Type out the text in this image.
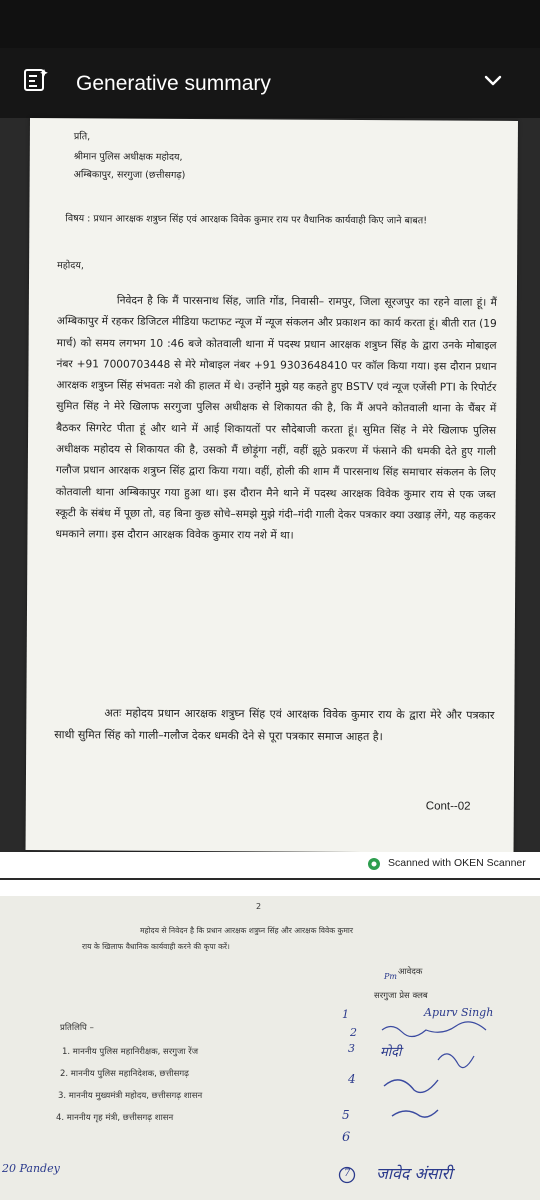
Generative summary
प्रति,
श्रीमान पुलिस अधीक्षक महोदय,
अम्बिकापुर, सरगुजा (छत्तीसगढ़)
विषय : प्रधान आरक्षक शत्रुघ्न सिंह एवं आरक्षक विवेक कुमार राय पर वैधानिक कार्यवाही किए जाने बाबत!
महोदय,
निवेदन है कि मैं पारसनाथ सिंह, जाति गोंड, निवासी– रामपुर, जिला सूरजपुर का रहने वाला हूं। मैं अम्बिकापुर में रहकर डिजिटल मीडिया फटाफट न्यूज में न्यूज संकलन और प्रकाशन का कार्य करता हूं। बीती रात (19 मार्च) को समय लगभग 10 :46 बजे कोतवाली थाना में पदस्थ प्रधान आरक्षक शत्रुघ्न सिंह के द्वारा उनके मोबाइल नंबर +91 7000703448 से मेरे मोबाइल नंबर +91 9303648410 पर कॉल किया गया। इस दौरान प्रधान आरक्षक शत्रुघ्न सिंह संभवतः नशे की हालत में थे। उन्होंने मुझे यह कहते हुए BSTV एवं न्यूज एजेंसी PTI के रिपोर्टर सुमित सिंह ने मेरे खिलाफ सरगुजा पुलिस अधीक्षक से शिकायत की है, कि मैं अपने कोतवाली थाना के चैंबर में बैठकर सिगरेट पीता हूं और थाने में आई शिकायतों पर सौदेबाजी करता हूं। सुमित सिंह ने मेरे खिलाफ पुलिस अधीक्षक महोदय से शिकायत की है, उसको मैं छोड़ूंगा नहीं, वहीं झूठे प्रकरण में फंसाने की धमकी देते हुए गाली गलौज प्रधान आरक्षक शत्रुघ्न सिंह द्वारा किया गया। वहीं, होली की शाम मैं पारसनाथ सिंह समाचार संकलन के लिए कोतवाली थाना अम्बिकापुर गया हुआ था। इस दौरान मैने थाने में पदस्थ आरक्षक विवेक कुमार राय से एक जब्त स्कूटी के संबंध में पूछा तो, वह बिना कुछ सोचे–समझे मुझे गंदी–गंदी गाली देकर पत्रकार क्या उखाड़ लेंगे, यह कहकर धमकाने लगा। इस दौरान आरक्षक विवेक कुमार राय नशे में था।
अतः महोदय प्रधान आरक्षक शत्रुघ्न सिंह एवं आरक्षक विवेक कुमार राय के द्वारा मेरे और पत्रकार साथी सुमित सिंह को गाली–गलौज देकर धमकी देने से पूरा पत्रकार समाज आहत है।
Cont--02
Scanned with OKEN Scanner
2
महोदय से निवेदन है कि प्रधान आरक्षक शत्रुघ्न सिंह और आरक्षक विवेक कुमार
राय के खिलाफ वैधानिक कार्यवाही करने की कृपा करें।
Pm आवेदक
सरगुजा प्रेस क्लब
प्रतिलिपि –
1. माननीय पुलिस महानिरीक्षक, सरगुजा रेंज
2. माननीय पुलिस महानिदेशक, छत्तीसगढ़
3. माननीय मुख्यमंत्री महोदय, छत्तीसगढ़ शासन
4. माननीय गृह मंत्री, छत्तीसगढ़ शासन
1
2
3
4
5
6
Apurv Singh
मोदी
7 जावेद अंसारी
20 Pandey
